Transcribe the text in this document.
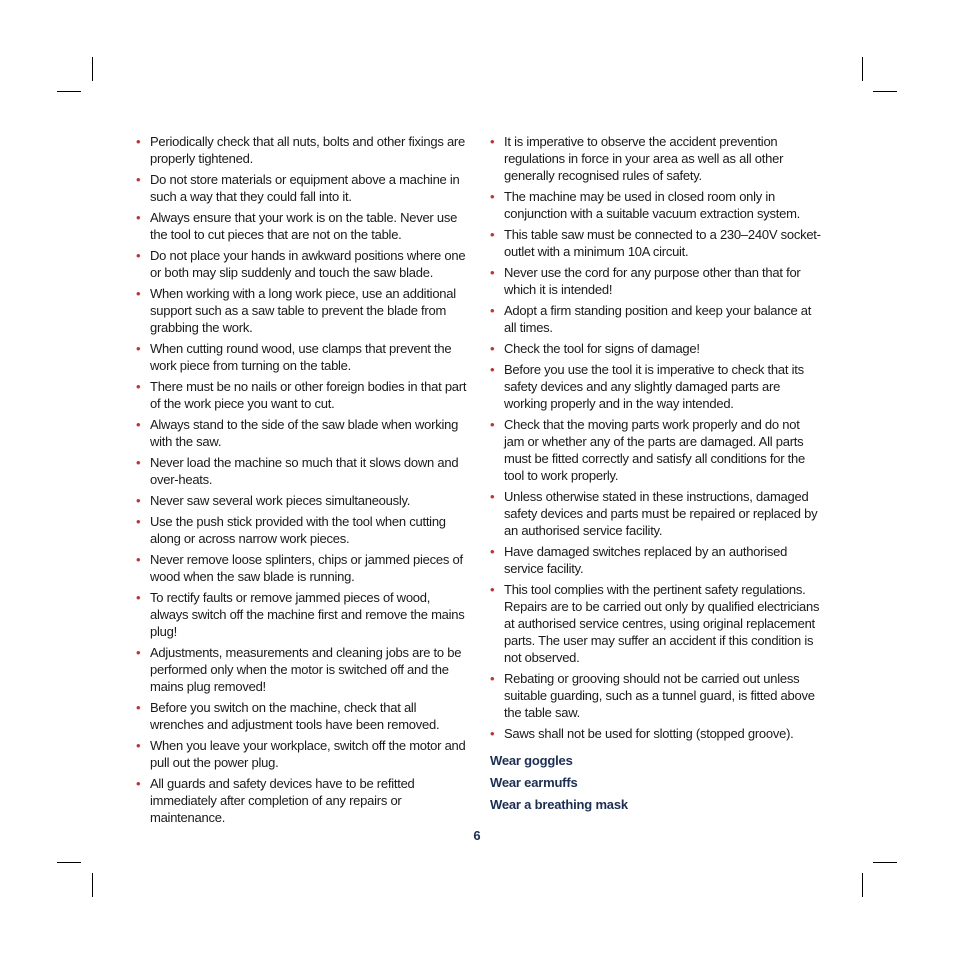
• Periodically check that all nuts, bolts and other fixings are properly tightened.
• Do not store materials or equipment above a machine in such a way that they could fall into it.
• Always ensure that your work is on the table. Never use the tool to cut pieces that are not on the table.
• Do not place your hands in awkward positions where one or both may slip suddenly and touch the saw blade.
• When working with a long work piece, use an additional support such as a saw table to prevent the blade from grabbing the work.
• When cutting round wood, use clamps that prevent the work piece from turning on the table.
• There must be no nails or other foreign bodies in that part of the work piece you want to cut.
• Always stand to the side of the saw blade when working with the saw.
• Never load the machine so much that it slows down and over-heats.
• Never saw several work pieces simultaneously.
• Use the push stick provided with the tool when cutting along or across narrow work pieces.
• Never remove loose splinters, chips or jammed pieces of wood when the saw blade is running.
• To rectify faults or remove jammed pieces of wood, always switch off the machine first and remove the mains plug!
• Adjustments, measurements and cleaning jobs are to be performed only when the motor is switched off and the mains plug removed!
• Before you switch on the machine, check that all wrenches and adjustment tools have been removed.
• When you leave your workplace, switch off the motor and pull out the power plug.
• All guards and safety devices have to be refitted immediately after completion of any repairs or maintenance.
• It is imperative to observe the accident prevention regulations in force in your area as well as all other generally recognised rules of safety.
• The machine may be used in closed room only in conjunction with a suitable vacuum extraction system.
• This table saw must be connected to a 230–240V socket-outlet with a minimum 10A circuit.
• Never use the cord for any purpose other than that for which it is intended!
• Adopt a firm standing position and keep your balance at all times.
• Check the tool for signs of damage!
• Before you use the tool it is imperative to check that its safety devices and any slightly damaged parts are working properly and in the way intended.
• Check that the moving parts work properly and do not jam or whether any of the parts are damaged. All parts must be fitted correctly and satisfy all conditions for the tool to work properly.
• Unless otherwise stated in these instructions, damaged safety devices and parts must be repaired or replaced by an authorised service facility.
• Have damaged switches replaced by an authorised service facility.
• This tool complies with the pertinent safety regulations. Repairs are to be carried out only by qualified electricians at authorised service centres, using original replacement parts. The user may suffer an accident if this condition is not observed.
• Rebating or grooving should not be carried out unless suitable guarding, such as a tunnel guard, is fitted above the table saw.
• Saws shall not be used for slotting (stopped groove).
Wear goggles
Wear earmuffs
Wear a breathing mask
6
